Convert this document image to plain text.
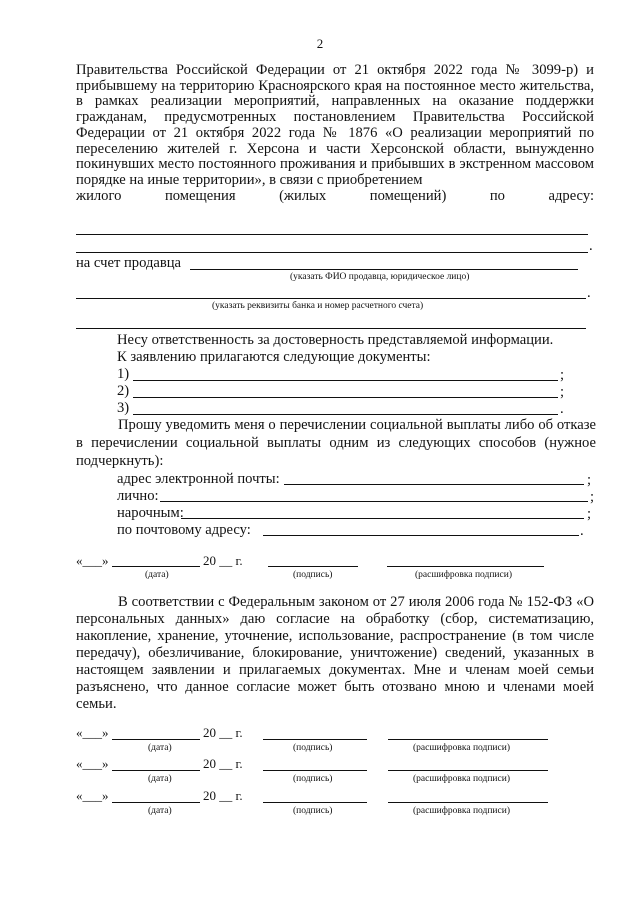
2
Правительства Российской Федерации от 21 октября 2022 года № 3099-р) и прибывшему на территорию Красноярского края на постоянное место жительства, в рамках реализации мероприятий, направленных на оказание поддержки гражданам, предусмотренных постановлением Правительства Российской Федерации от 21 октября 2022 года № 1876 «О реализации мероприятий по переселению жителей г. Херсона и части Херсонской области, вынужденно покинувших место постоянного проживания и прибывших в экстренном массовом порядке на иные территории», в связи с приобретением
жилого помещения (жилых помещений) по адресу:
.
на счет продавца
(указать ФИО продавца, юридическое лицо)
.
(указать реквизиты банка и номер расчетного счета)
Несу ответственность за достоверность представляемой информации.
К заявлению прилагаются следующие документы:
1)	;
2)	;
3)	.
Прошу уведомить меня о перечислении социальной выплаты либо об отказе в перечислении социальной выплаты одним из следующих способов (нужное подчеркнуть):
адрес электронной почты:	;
лично:	;
нарочным:	;
по почтовому адресу:	.
«___»	20 __ г.
(дата)	(подпись)	(расшифровка подписи)
В соответствии с Федеральным законом от 27 июля 2006 года № 152-ФЗ «О персональных данных» даю согласие на обработку (сбор, систематизацию, накопление, хранение, уточнение, использование, распространение (в том числе передачу), обезличивание, блокирование, уничтожение) сведений, указанных в настоящем заявлении и прилагаемых документах. Мне и членам моей семьи разъяснено, что данное согласие может быть отозвано мною и членами моей семьи.
«___»	20 __ г.
(дата)	(подпись)	(расшифровка подписи)
«___»	20 __ г.
(дата)	(подпись)	(расшифровка подписи)
«___»	20 __ г.
(дата)	(подпись)	(расшифровка подписи)
